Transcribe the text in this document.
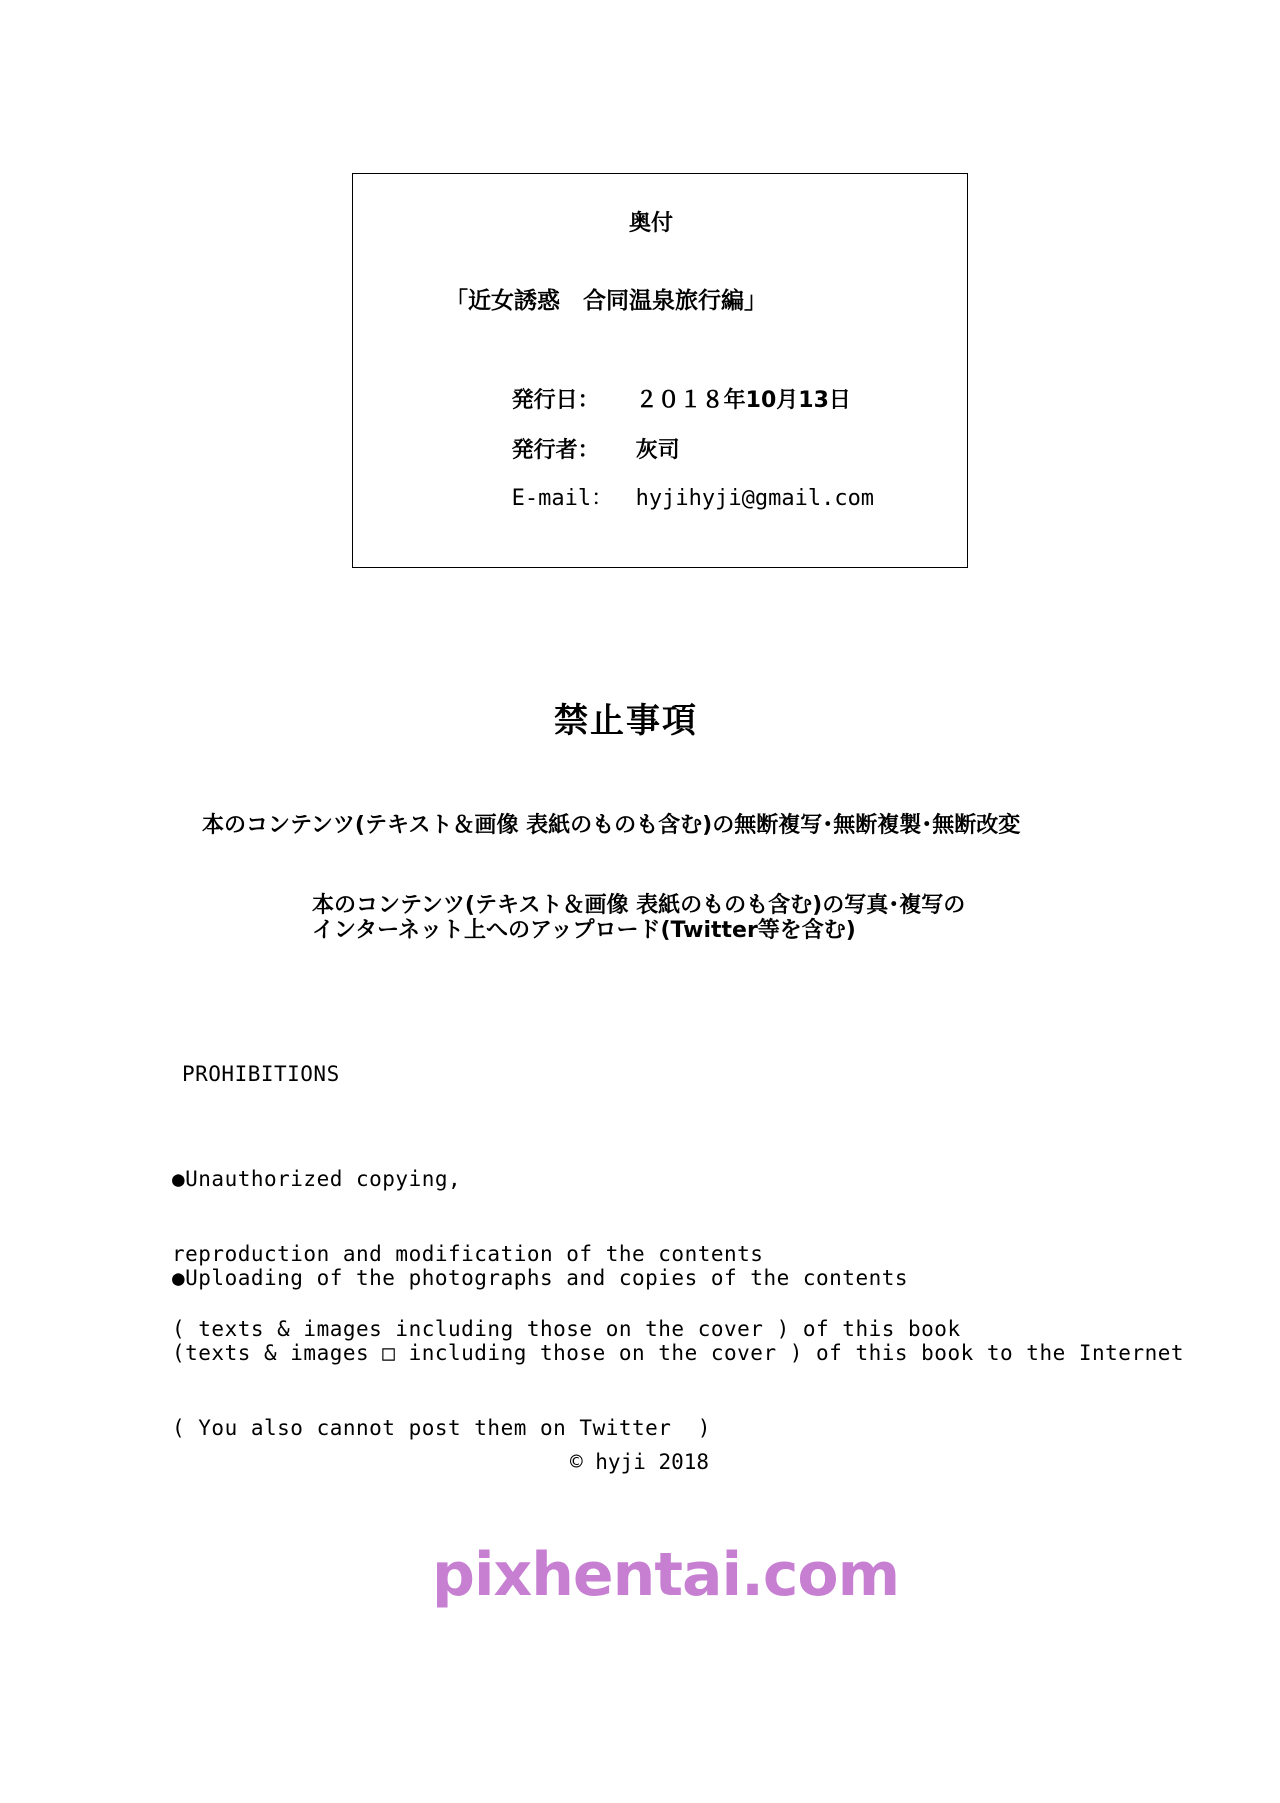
奥付
「近女誘惑　合同温泉旅行編」

発行日： ２０１８年10月13日

発行者： 灰司

E-mail： hyjihyji@gmail.com

禁止事項
本のコンテンツ(テキスト＆画像 表紙のものも含む)の無断複写･無断複製･無断改変
本のコンテンツ(テキスト＆画像 表紙のものも含む)の写真･複写の
インターネット上へのアップロード(Twitter等を含む)
PROHIBITIONS

●Unauthorized copying,

reproduction and modification of the contents

( texts & images including those on the cover ) of this book

●Uploading of the photographs and copies of the contents

(texts & images □ including those on the cover ) of this book to the Internet

( You also cannot post them on Twitter  )

© hyji 2018
pixhentai.com
